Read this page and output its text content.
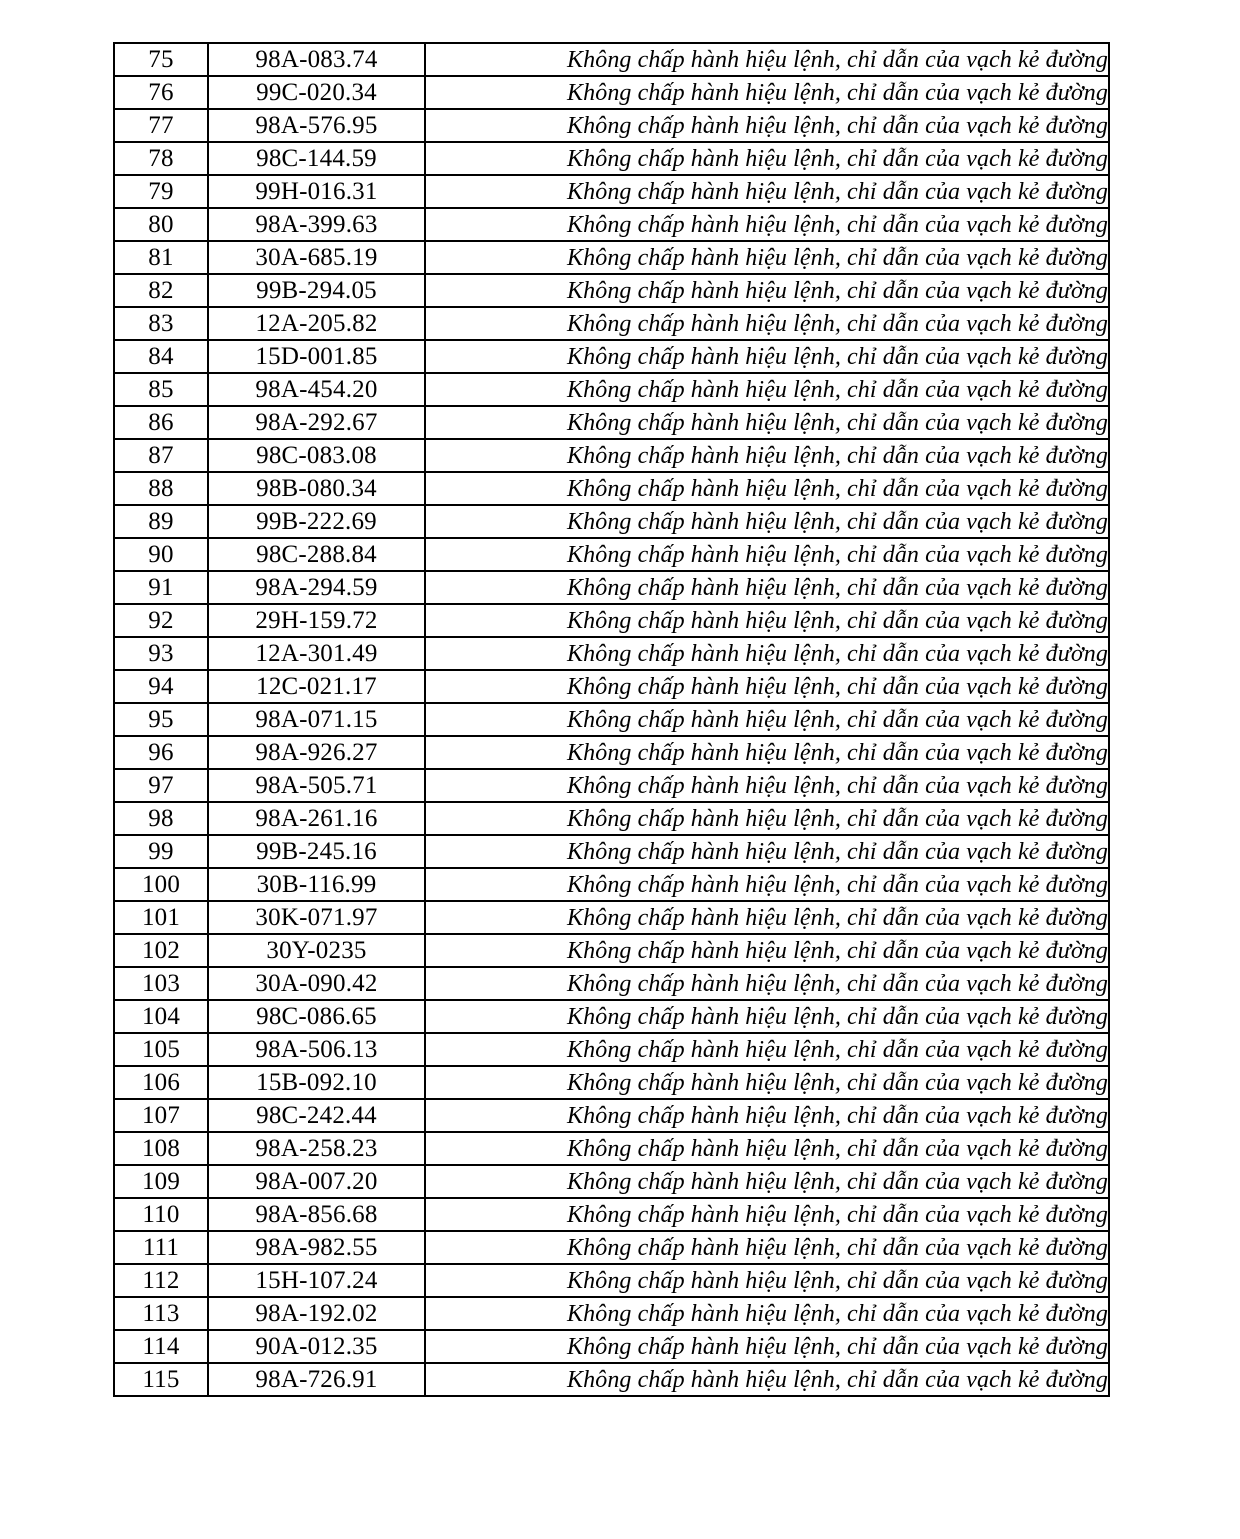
75	98A-083.74	Không chấp hành hiệu lệnh, chỉ dẫn của vạch kẻ đường
76	99C-020.34	Không chấp hành hiệu lệnh, chỉ dẫn của vạch kẻ đường
77	98A-576.95	Không chấp hành hiệu lệnh, chỉ dẫn của vạch kẻ đường
78	98C-144.59	Không chấp hành hiệu lệnh, chỉ dẫn của vạch kẻ đường
79	99H-016.31	Không chấp hành hiệu lệnh, chỉ dẫn của vạch kẻ đường
80	98A-399.63	Không chấp hành hiệu lệnh, chỉ dẫn của vạch kẻ đường
81	30A-685.19	Không chấp hành hiệu lệnh, chỉ dẫn của vạch kẻ đường
82	99B-294.05	Không chấp hành hiệu lệnh, chỉ dẫn của vạch kẻ đường
83	12A-205.82	Không chấp hành hiệu lệnh, chỉ dẫn của vạch kẻ đường
84	15D-001.85	Không chấp hành hiệu lệnh, chỉ dẫn của vạch kẻ đường
85	98A-454.20	Không chấp hành hiệu lệnh, chỉ dẫn của vạch kẻ đường
86	98A-292.67	Không chấp hành hiệu lệnh, chỉ dẫn của vạch kẻ đường
87	98C-083.08	Không chấp hành hiệu lệnh, chỉ dẫn của vạch kẻ đường
88	98B-080.34	Không chấp hành hiệu lệnh, chỉ dẫn của vạch kẻ đường
89	99B-222.69	Không chấp hành hiệu lệnh, chỉ dẫn của vạch kẻ đường
90	98C-288.84	Không chấp hành hiệu lệnh, chỉ dẫn của vạch kẻ đường
91	98A-294.59	Không chấp hành hiệu lệnh, chỉ dẫn của vạch kẻ đường
92	29H-159.72	Không chấp hành hiệu lệnh, chỉ dẫn của vạch kẻ đường
93	12A-301.49	Không chấp hành hiệu lệnh, chỉ dẫn của vạch kẻ đường
94	12C-021.17	Không chấp hành hiệu lệnh, chỉ dẫn của vạch kẻ đường
95	98A-071.15	Không chấp hành hiệu lệnh, chỉ dẫn của vạch kẻ đường
96	98A-926.27	Không chấp hành hiệu lệnh, chỉ dẫn của vạch kẻ đường
97	98A-505.71	Không chấp hành hiệu lệnh, chỉ dẫn của vạch kẻ đường
98	98A-261.16	Không chấp hành hiệu lệnh, chỉ dẫn của vạch kẻ đường
99	99B-245.16	Không chấp hành hiệu lệnh, chỉ dẫn của vạch kẻ đường
100	30B-116.99	Không chấp hành hiệu lệnh, chỉ dẫn của vạch kẻ đường
101	30K-071.97	Không chấp hành hiệu lệnh, chỉ dẫn của vạch kẻ đường
102	30Y-0235	Không chấp hành hiệu lệnh, chỉ dẫn của vạch kẻ đường
103	30A-090.42	Không chấp hành hiệu lệnh, chỉ dẫn của vạch kẻ đường
104	98C-086.65	Không chấp hành hiệu lệnh, chỉ dẫn của vạch kẻ đường
105	98A-506.13	Không chấp hành hiệu lệnh, chỉ dẫn của vạch kẻ đường
106	15B-092.10	Không chấp hành hiệu lệnh, chỉ dẫn của vạch kẻ đường
107	98C-242.44	Không chấp hành hiệu lệnh, chỉ dẫn của vạch kẻ đường
108	98A-258.23	Không chấp hành hiệu lệnh, chỉ dẫn của vạch kẻ đường
109	98A-007.20	Không chấp hành hiệu lệnh, chỉ dẫn của vạch kẻ đường
110	98A-856.68	Không chấp hành hiệu lệnh, chỉ dẫn của vạch kẻ đường
111	98A-982.55	Không chấp hành hiệu lệnh, chỉ dẫn của vạch kẻ đường
112	15H-107.24	Không chấp hành hiệu lệnh, chỉ dẫn của vạch kẻ đường
113	98A-192.02	Không chấp hành hiệu lệnh, chỉ dẫn của vạch kẻ đường
114	90A-012.35	Không chấp hành hiệu lệnh, chỉ dẫn của vạch kẻ đường
115	98A-726.91	Không chấp hành hiệu lệnh, chỉ dẫn của vạch kẻ đường
